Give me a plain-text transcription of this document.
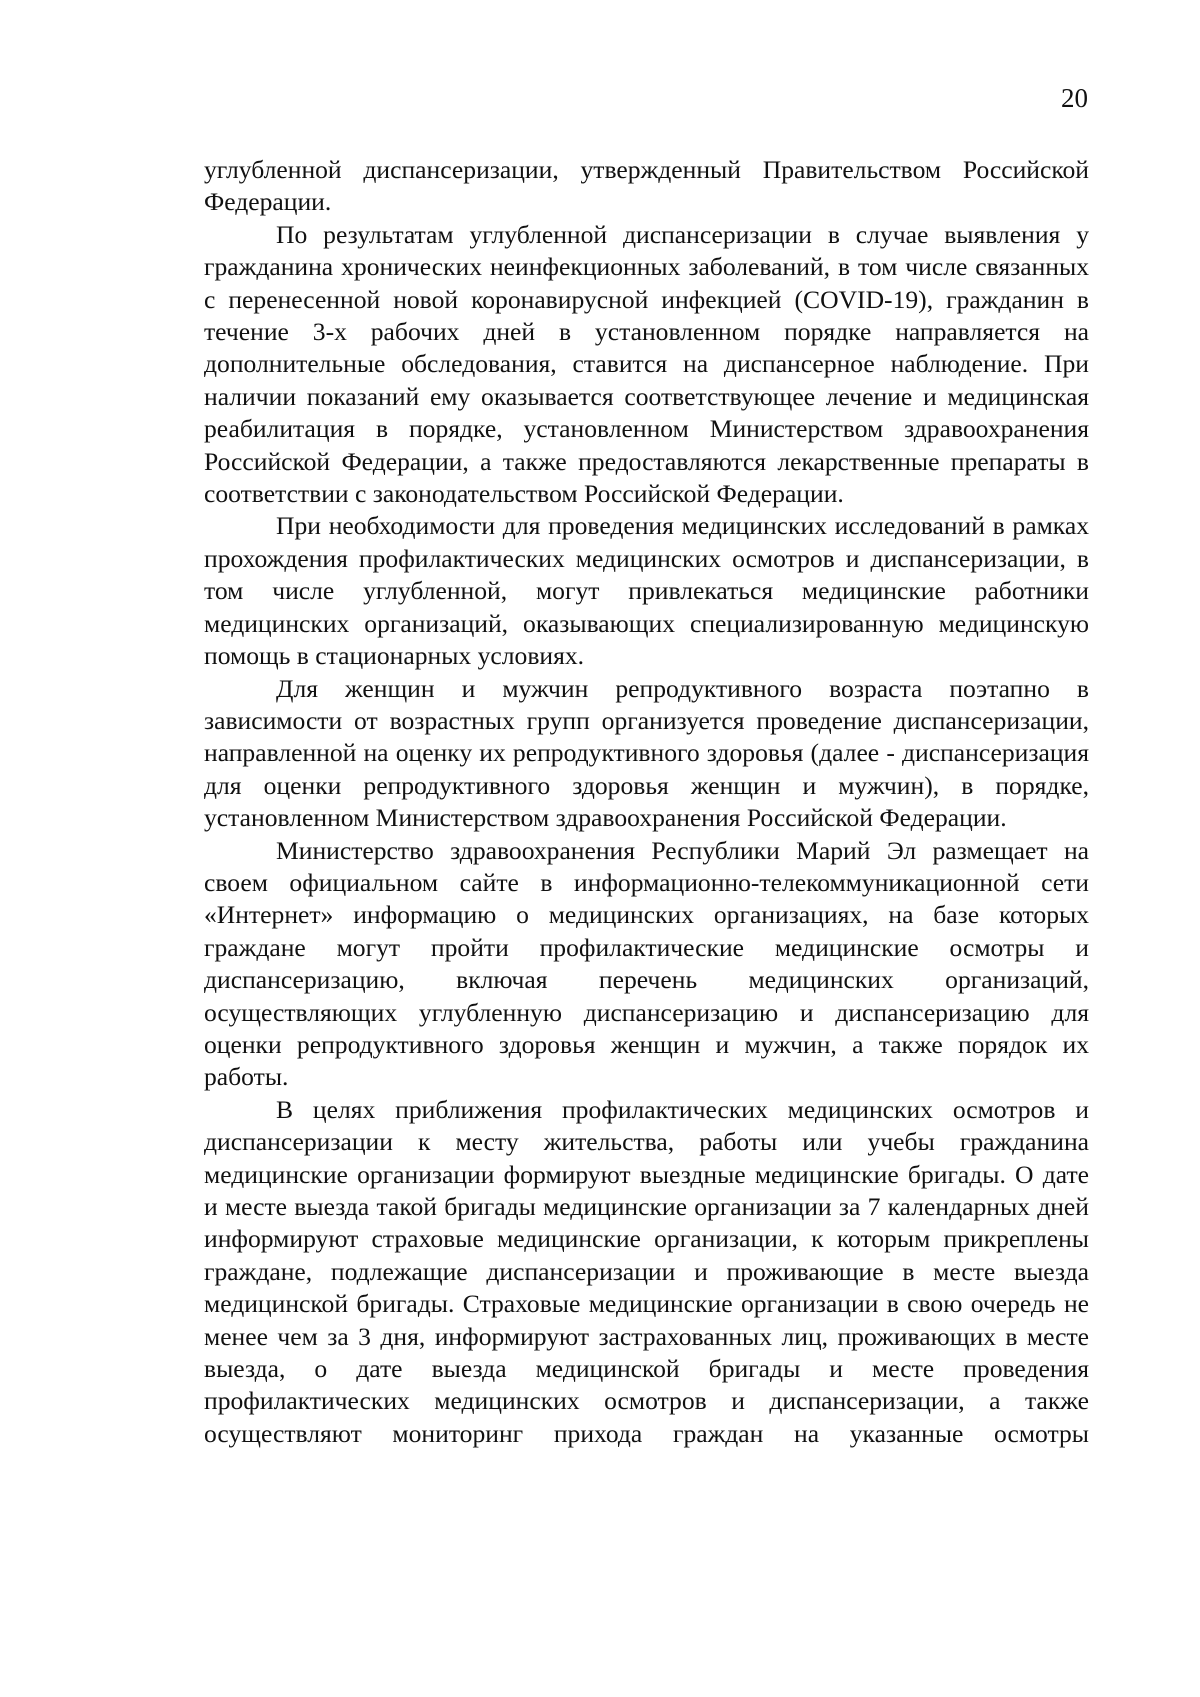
20

углубленной диспансеризации, утвержденный Правительством Российской Федерации.

По результатам углубленной диспансеризации в случае выявления у гражданина хронических неинфекционных заболеваний, в том числе связанных с перенесенной новой коронавирусной инфекцией (COVID-19), гражданин в течение 3-х рабочих дней в установленном порядке направляется на дополнительные обследования, ставится на диспансерное наблюдение. При наличии показаний ему оказывается соответствующее лечение и медицинская реабилитация в порядке, установленном Министерством здравоохранения Российской Федерации, а также предоставляются лекарственные препараты в соответствии с законодательством Российской Федерации.

При необходимости для проведения медицинских исследований в рамках прохождения профилактических медицинских осмотров и диспансеризации, в том числе углубленной, могут привлекаться медицинские работники медицинских организаций, оказывающих специализированную медицинскую помощь в стационарных условиях.

Для женщин и мужчин репродуктивного возраста поэтапно в зависимости от возрастных групп организуется проведение диспансеризации, направленной на оценку их репродуктивного здоровья (далее - диспансеризация для оценки репродуктивного здоровья женщин и мужчин), в порядке, установленном Министерством здравоохранения Российской Федерации.

Министерство здравоохранения Республики Марий Эл размещает на своем официальном сайте в информационно-телекоммуникационной сети «Интернет» информацию о медицинских организациях, на базе которых граждане могут пройти профилактические медицинские осмотры и диспансеризацию, включая перечень медицинских организаций, осуществляющих углубленную диспансеризацию и диспансеризацию для оценки репродуктивного здоровья женщин и мужчин, а также порядок их работы.

В целях приближения профилактических медицинских осмотров и диспансеризации к месту жительства, работы или учебы гражданина медицинские организации формируют выездные медицинские бригады. О дате и месте выезда такой бригады медицинские организации за 7 календарных дней информируют страховые медицинские организации, к которым прикреплены граждане, подлежащие диспансеризации и проживающие в месте выезда медицинской бригады. Страховые медицинские организации в свою очередь не менее чем за 3 дня, информируют застрахованных лиц, проживающих в месте выезда, о дате выезда медицинской бригады и месте проведения профилактических медицинских осмотров и диспансеризации, а также осуществляют мониторинг прихода граждан на указанные осмотры
